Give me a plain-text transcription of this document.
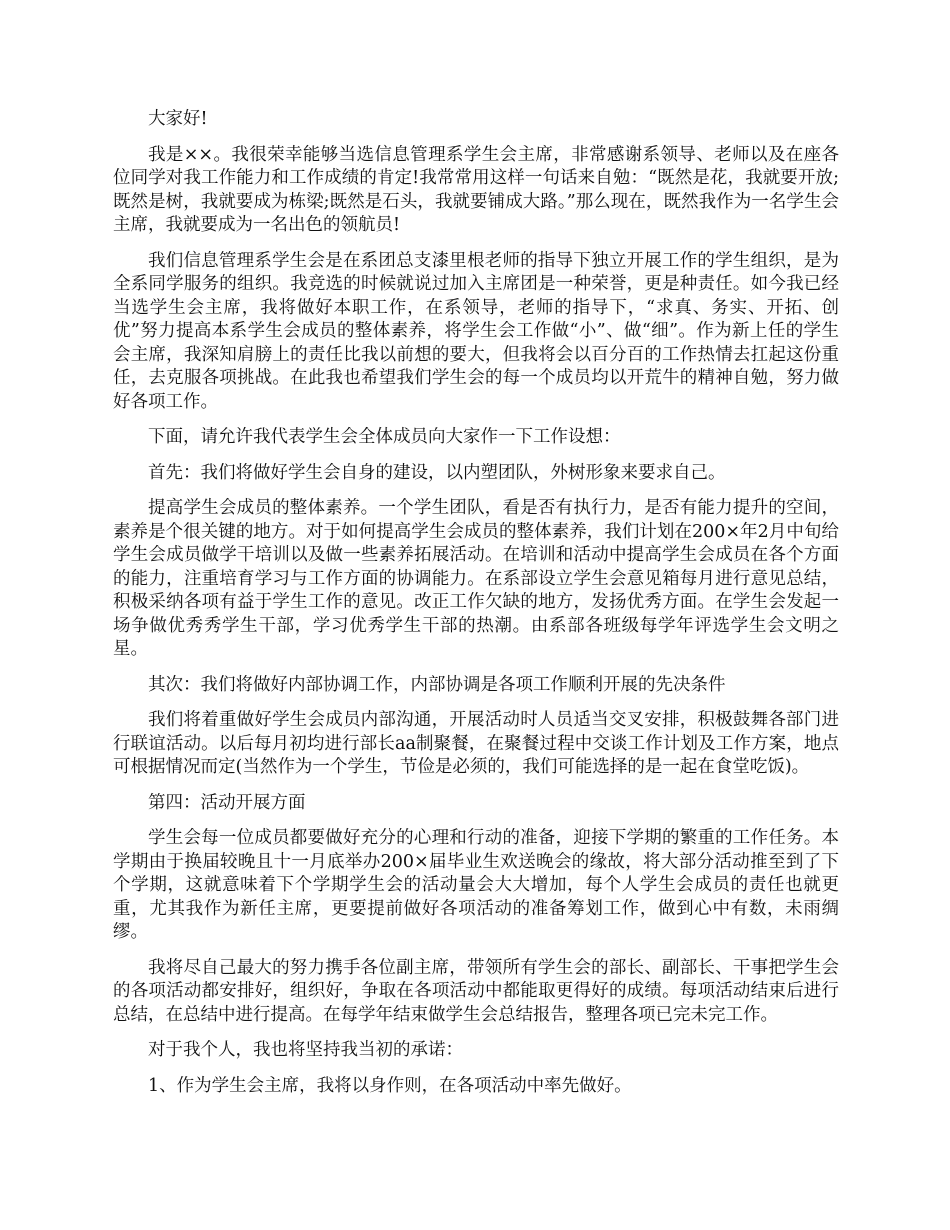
大家好!

我是××。我很荣幸能够当选信息管理系学生会主席，非常感谢系领导、老师以及在座各位同学对我工作能力和工作成绩的肯定!我常常用这样一句话来自勉：“既然是花，我就要开放;既然是树，我就要成为栋梁;既然是石头，我就要铺成大路。”那么现在，既然我作为一名学生会主席，我就要成为一名出色的领航员!

我们信息管理系学生会是在系团总支漆里根老师的指导下独立开展工作的学生组织，是为全系同学服务的组织。我竞选的时候就说过加入主席团是一种荣誉，更是种责任。如今我已经当选学生会主席，我将做好本职工作，在系领导，老师的指导下，“求真、务实、开拓、创优”努力提高本系学生会成员的整体素养，将学生会工作做“小”、做“细”。作为新上任的学生会主席，我深知肩膀上的责任比我以前想的要大，但我将会以百分百的工作热情去扛起这份重任，去克服各项挑战。在此我也希望我们学生会的每一个成员均以开荒牛的精神自勉，努力做好各项工作。

下面，请允许我代表学生会全体成员向大家作一下工作设想：

首先：我们将做好学生会自身的建设，以内塑团队，外树形象来要求自己。

提高学生会成员的整体素养。一个学生团队，看是否有执行力，是否有能力提升的空间，素养是个很关键的地方。对于如何提高学生会成员的整体素养，我们计划在200×年2月中旬给学生会成员做学干培训以及做一些素养拓展活动。在培训和活动中提高学生会成员在各个方面的能力，注重培育学习与工作方面的协调能力。在系部设立学生会意见箱每月进行意见总结，积极采纳各项有益于学生工作的意见。改正工作欠缺的地方，发扬优秀方面。在学生会发起一场争做优秀秀学生干部，学习优秀学生干部的热潮。由系部各班级每学年评选学生会文明之星。

其次：我们将做好内部协调工作，内部协调是各项工作顺利开展的先决条件

我们将着重做好学生会成员内部沟通，开展活动时人员适当交叉安排，积极鼓舞各部门进行联谊活动。以后每月初均进行部长aa制聚餐，在聚餐过程中交谈工作计划及工作方案，地点可根据情况而定(当然作为一个学生，节俭是必须的，我们可能选择的是一起在食堂吃饭)。

第四：活动开展方面

学生会每一位成员都要做好充分的心理和行动的准备，迎接下学期的繁重的工作任务。本学期由于换届较晚且十一月底举办200×届毕业生欢送晚会的缘故，将大部分活动推至到了下个学期，这就意味着下个学期学生会的活动量会大大增加，每个人学生会成员的责任也就更重，尤其我作为新任主席，更要提前做好各项活动的准备筹划工作，做到心中有数，未雨绸缪。

我将尽自己最大的努力携手各位副主席，带领所有学生会的部长、副部长、干事把学生会的各项活动都安排好，组织好，争取在各项活动中都能取更得好的成绩。每项活动结束后进行总结，在总结中进行提高。在每学年结束做学生会总结报告，整理各项已完未完工作。

对于我个人，我也将坚持我当初的承诺：

1、作为学生会主席，我将以身作则，在各项活动中率先做好。
